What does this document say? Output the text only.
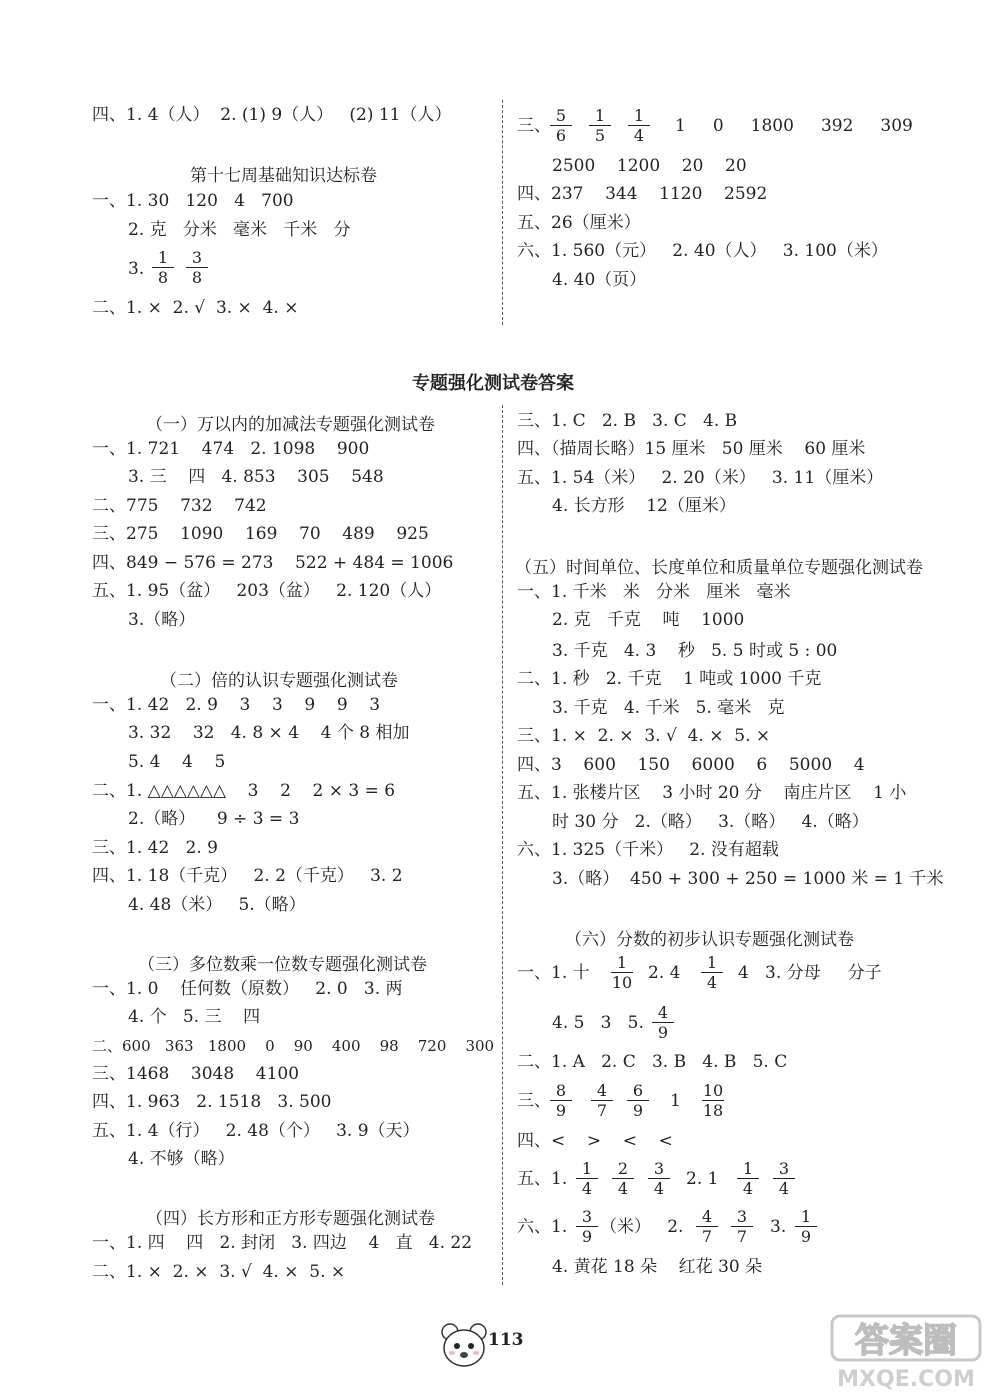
四、1. 4（人）  2. (1) 9（人）   (2) 11（人）
第十七周基础知识达标卷
一、1. 30   120   4   700
2. 克   分米   毫米   千米   分
3. $\frac{1}{8} \frac{3}{8}$
二、1. ×  2. √  3. ×  4. ×
三、 $\frac{5}{6} \frac{1}{5} \frac{1}{4} 1$     0     1800     392     309
2500    1200    20    20
四、237    344    1120    2592
五、26（厘米）
六、1. 560（元）   2. 40（人）   3. 100（米）
4. 40（页）
专题强化测试卷答案
（一）万以内的加减法专题强化测试卷
一、1. 721    474   2. 1098    900
3. 三    四   4. 853    305    548
二、775    732    742
三、275    1090    169    70    489    925
四、849 − 576 = 273    522 + 484 = 1006
五、1. 95（盆）   203（盆）   2. 120（人）
3.（略）
（二）倍的认识专题强化测试卷
一、1. 42   2. 9    3    3    9    9    3
3. 32    32   4. 8 × 4    4 个 8 相加
5. 4    4    5
二、1. △△△△△△    3    2    2 × 3 = 6
2.（略）    9 ÷ 3 = 3
三、1. 42   2. 9
四、1. 18（千克）   2. 2（千克）   3. 2
4. 48（米）   5.（略）
（三）多位数乘一位数专题强化测试卷
一、1. 0    任何数（原数）   2. 0   3. 两
4. 个   5. 三    四
二、600   363   1800    0    90    400    98    720    300
三、1468    3048    4100
四、1. 963   2. 1518   3. 500
五、1. 4（行）   2. 48（个）   3. 9（天）
4. 不够（略）
（四）长方形和正方形专题强化测试卷
一、1. 四    四   2. 封闭   3. 四边    4   直   4. 22
二、1. ×  2. ×  3. √  4. ×  5. ×
三、1. C   2. B   3. C   4. B
四、（描周长略）15 厘米   50 厘米    60 厘米
五、1. 54（米）   2. 20（米）   3. 11（厘米）
4. 长方形    12（厘米）
（五）时间单位、长度单位和质量单位专题强化测试卷
一、1. 千米   米   分米   厘米   毫米
2. 克   千克    吨    1000
3. 千克   4. 3    秒   5. 5 时或 5 : 00
二、1. 秒   2. 千克    1 吨或 1000 千克
3. 千克   4. 千米   5. 毫米   克
三、1. ×  2. ×  3. √  4. ×  5. ×
四、3    600    150    6000    6    5000    4
五、1. 张楼片区    3 小时 20 分    南庄片区    1 小
时 30 分   2.（略）   3.（略）   4.（略）
六、1. 325（千米）   2. 没有超载
3.（略）  450 + 300 + 250 = 1000 米 = 1 千米
（六）分数的初步认识专题强化测试卷
一、1. 十 $\frac{1}{10} 2$. $4 \frac{1}{4} 4$   3. 分母     分子
4. 5   3   5. $\frac{4}{9}$
二、1. A   2. C   3. B   4. B   5. C
三、 $\frac{8}{9} \frac{4}{7} \frac{6}{9} 1 \frac{10}{18}$
四、<    >    <    <
五、1. $\frac{1}{4} \frac{2}{4} \frac{3}{4} 2$. $1 \frac{1}{4} \frac{3}{4}$
六、1. $\frac{3}{9}$ （米）   2. $\frac{4}{7} \frac{3}{7} 3$. $\frac{1}{9}$
4. 黄花 18 朵    红花 30 朵
113	答案圈
MXQE.COM
